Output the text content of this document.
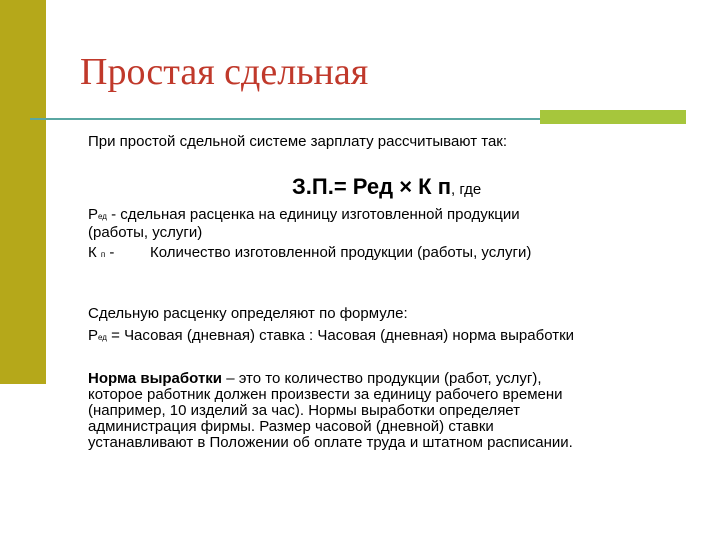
Простая сдельная
При простой сдельной системе зарплату рассчитывают так:
З.П.= Ред × К п, где
Ред - сдельная расценка на единицу изготовленной продукции
(работы, услуги)
К п - Количество изготовленной продукции (работы, услуги)
Сдельную расценку определяют по формуле:
Ред = Часовая (дневная) ставка : Часовая (дневная) норма выработки
Норма выработки – это то количество продукции (работ, услуг),
которое работник должен произвести за единицу рабочего времени
(например, 10 изделий за час). Нормы выработки определяет
администрация фирмы. Размер часовой (дневной) ставки
устанавливают в Положении об оплате труда и штатном расписании.
